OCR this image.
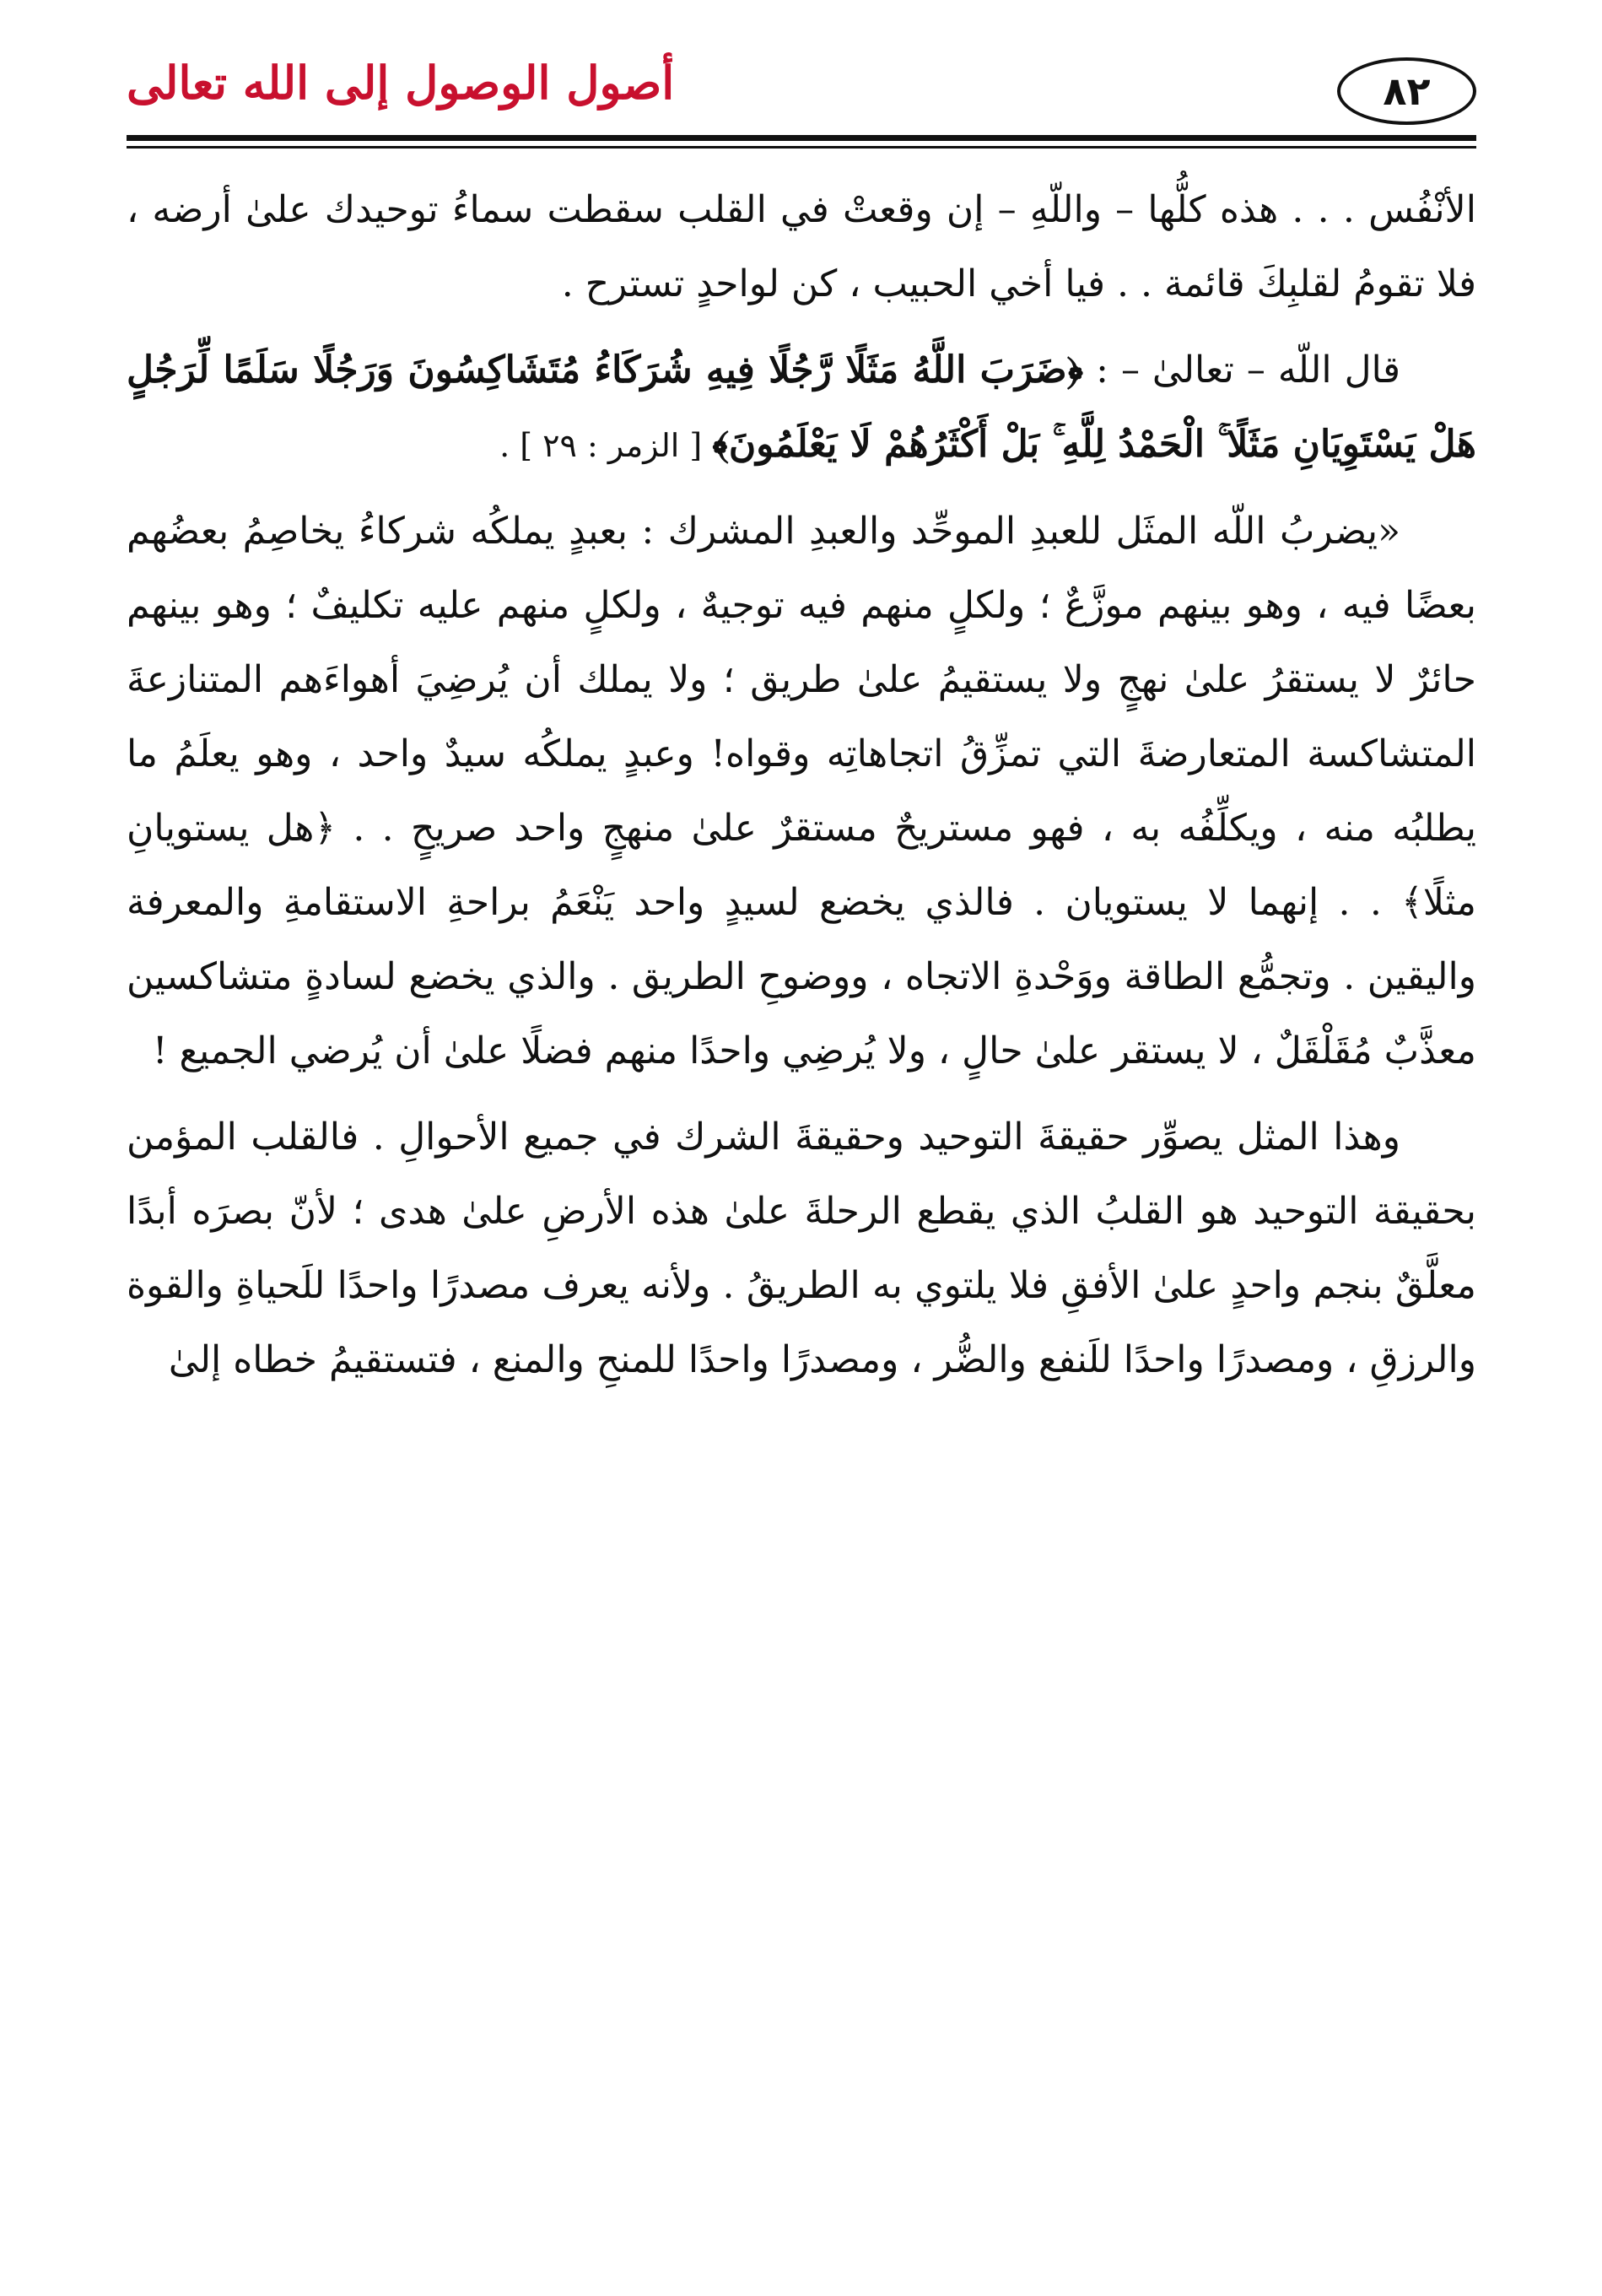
أصول الوصول إلى الله تعالى	٨٢

الأنْفُس . . . هذه كلُّها – واللّهِ – إن وقعتْ في القلب سقطت سماءُ توحيدك علىٰ أرضه ، فلا تقومُ لقلبِكَ قائمة . . فيا أخي الحبيب ، كن لواحدٍ تسترح .

قال اللّه – تعالىٰ – : ﴿ضَرَبَ اللَّهُ مَثَلًا رَّجُلًا فِيهِ شُرَكَاءُ مُتَشَاكِسُونَ وَرَجُلًا سَلَمًا لِّرَجُلٍ هَلْ يَسْتَوِيَانِ مَثَلًا ۚ الْحَمْدُ لِلَّهِ ۚ بَلْ أَكْثَرُهُمْ لَا يَعْلَمُونَ﴾ [ الزمر : ٢٩ ] .

«يضربُ اللّه المثَل للعبدِ الموحِّد والعبدِ المشرك : بعبدٍ يملكُه شركاءُ يخاصِمُ بعضُهم بعضًا فيه ، وهو بينهم موزَّعٌ ؛ ولكلٍ منهم فيه توجيهٌ ، ولكلٍ منهم عليه تكليفٌ ؛ وهو بينهم حائرٌ لا يستقرُ علىٰ نهجٍ ولا يستقيمُ علىٰ طريق ؛ ولا يملك أن يُرضِيَ أهواءَهم المتنازعةَ المتشاكسة المتعارضةَ التي تمزِّقُ اتجاهاتِه وقواه! وعبدٍ يملكُه سيدٌ واحد ، وهو يعلَمُ ما يطلبُه منه ، ويكلِّفُه به ، فهو مستريحٌ مستقرٌ علىٰ منهجٍ واحد صريحٍ . . ﴿هل يستويانِ مثلًا﴾ . . إنهما لا يستويان . فالذي يخضع لسيدٍ واحد يَنْعَمُ براحةِ الاستقامةِ والمعرفة واليقين . وتجمُّع الطاقة ووَحْدةِ الاتجاه ، ووضوحِ الطريق . والذي يخضع لسادةٍ متشاكسين معذَّبٌ مُقَلْقَلٌ ، لا يستقر علىٰ حالٍ ، ولا يُرضِي واحدًا منهم فضلًا علىٰ أن يُرضي الجميع !

وهذا المثل يصوِّر حقيقةَ التوحيد وحقيقةَ الشرك في جميع الأحوالِ . فالقلب المؤمن بحقيقة التوحيد هو القلبُ الذي يقطع الرحلةَ علىٰ هذه الأرضِ علىٰ هدى ؛ لأنّ بصرَه أبدًا معلَّقٌ بنجم واحدٍ علىٰ الأفقِ فلا يلتوي به الطريقُ . ولأنه يعرف مصدرًا واحدًا للَحياةِ والقوة والرزقِ ، ومصدرًا واحدًا للَنفع والضُّر ، ومصدرًا واحدًا للمنحِ والمنع ، فتستقيمُ خطاه إلىٰ
